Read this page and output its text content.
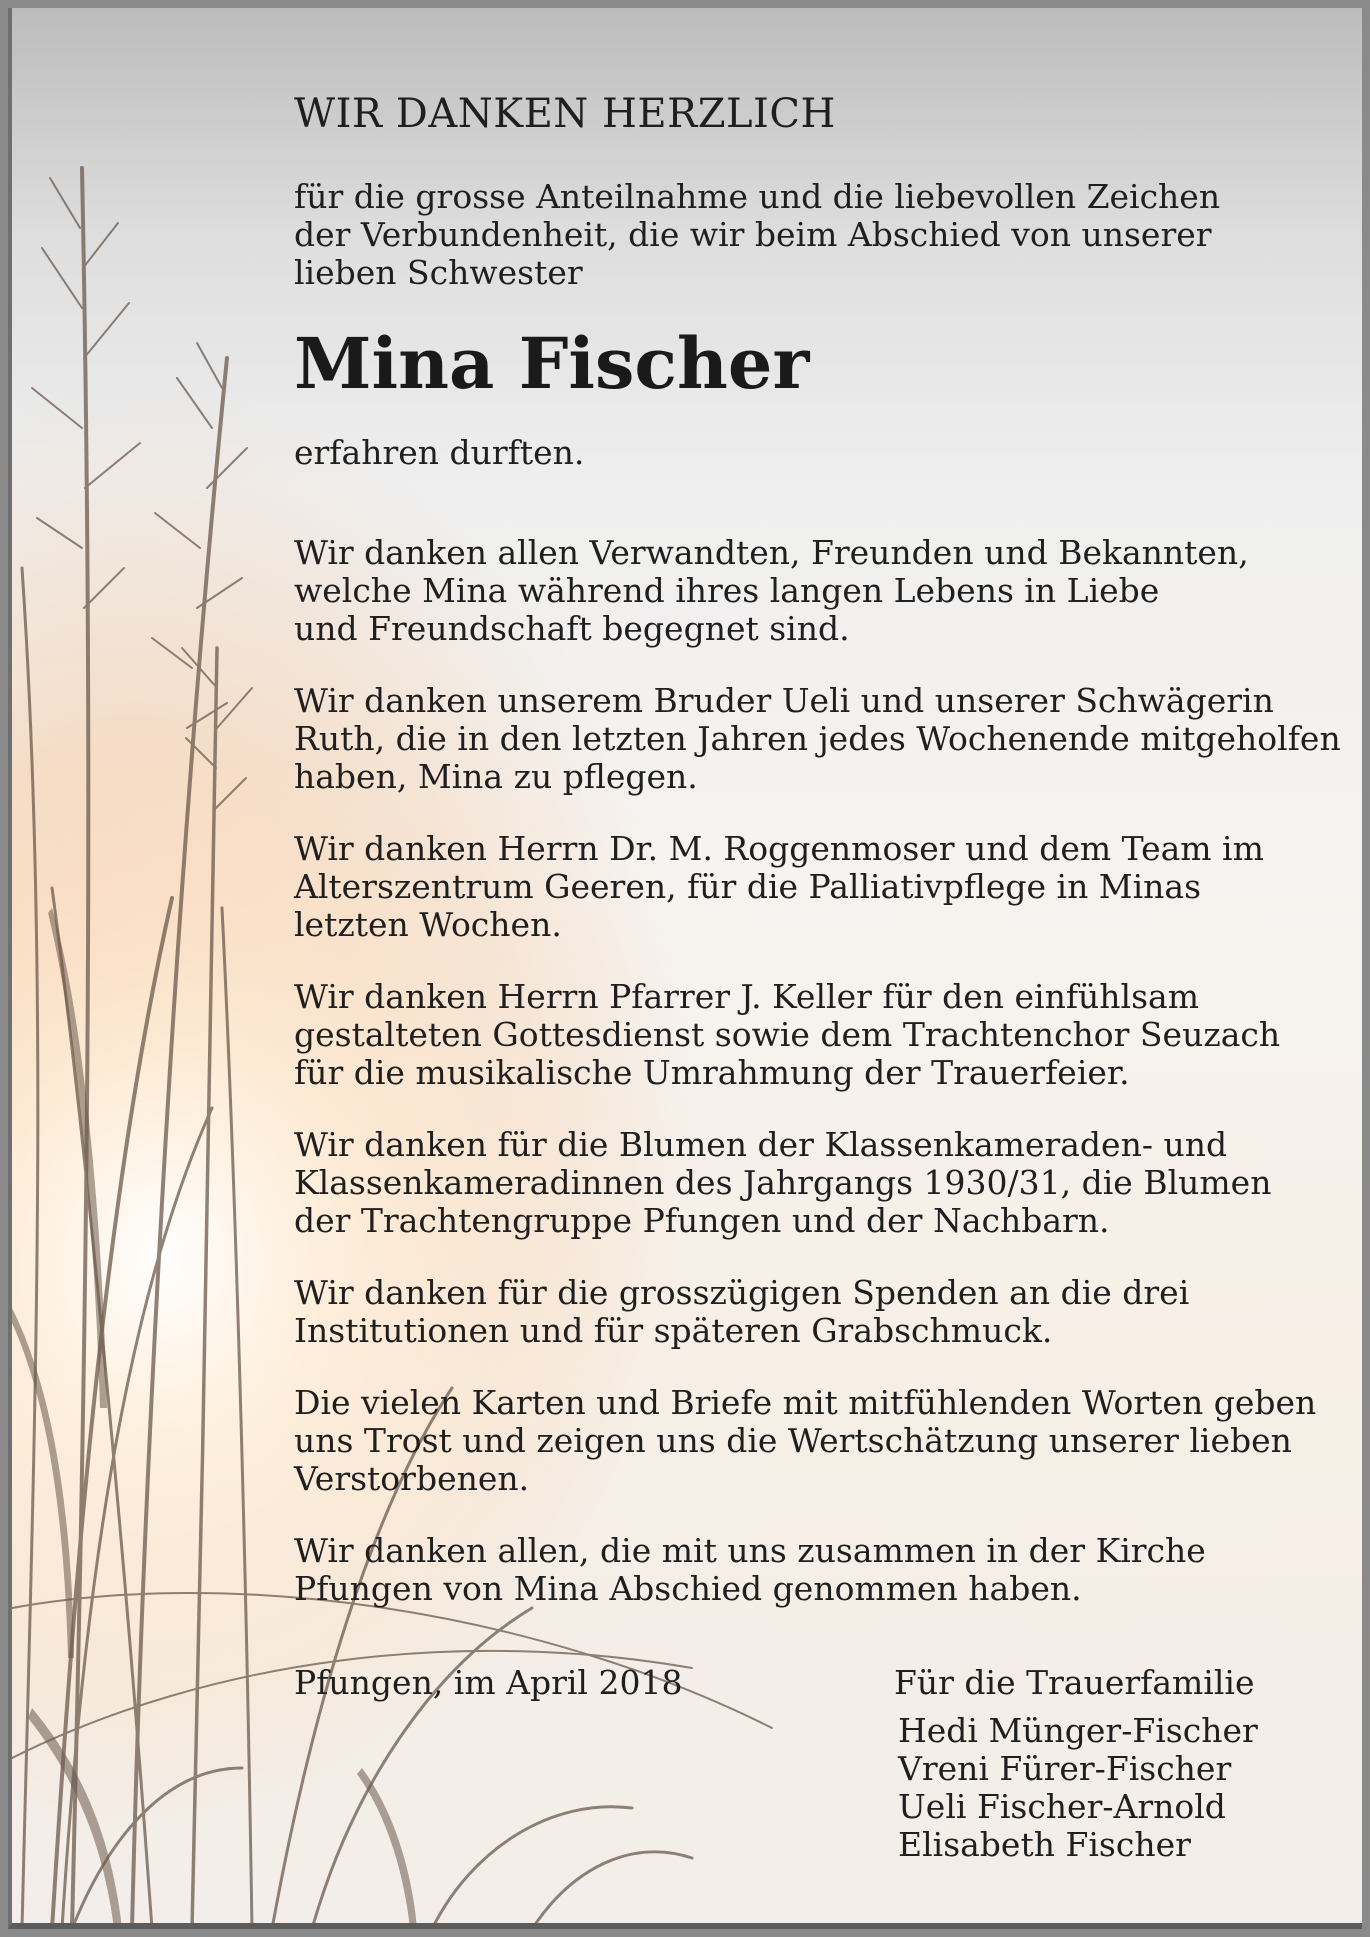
WIR DANKEN HERZLICH

für die grosse Anteilnahme und die liebevollen Zeichen
der Verbundenheit, die wir beim Abschied von unserer
lieben Schwester

Mina Fischer

erfahren durften.

Wir danken allen Verwandten, Freunden und Bekannten,
welche Mina während ihres langen Lebens in Liebe
und Freundschaft begegnet sind.

Wir danken unserem Bruder Ueli und unserer Schwägerin
Ruth, die in den letzten Jahren jedes Wochenende mitgeholfen
haben, Mina zu pflegen.

Wir danken Herrn Dr. M. Roggenmoser und dem Team im
Alterszentrum Geeren, für die Palliativpflege in Minas
letzten Wochen.

Wir danken Herrn Pfarrer J. Keller für den einfühlsam
gestalteten Gottesdienst sowie dem Trachtenchor Seuzach
für die musikalische Umrahmung der Trauerfeier.

Wir danken für die Blumen der Klassenkameraden- und
Klassenkameradinnen des Jahrgangs 1930/31, die Blumen
der Trachtengruppe Pfungen und der Nachbarn.

Wir danken für die grosszügigen Spenden an die drei
Institutionen und für späteren Grabschmuck.

Die vielen Karten und Briefe mit mitfühlenden Worten geben
uns Trost und zeigen uns die Wertschätzung unserer lieben
Verstorbenen.

Wir danken allen, die mit uns zusammen in der Kirche
Pfungen von Mina Abschied genommen haben.

Pfungen, im April 2018	Für die Trauerfamilie
Hedi Münger-Fischer
Vreni Fürer-Fischer
Ueli Fischer-Arnold
Elisabeth Fischer
